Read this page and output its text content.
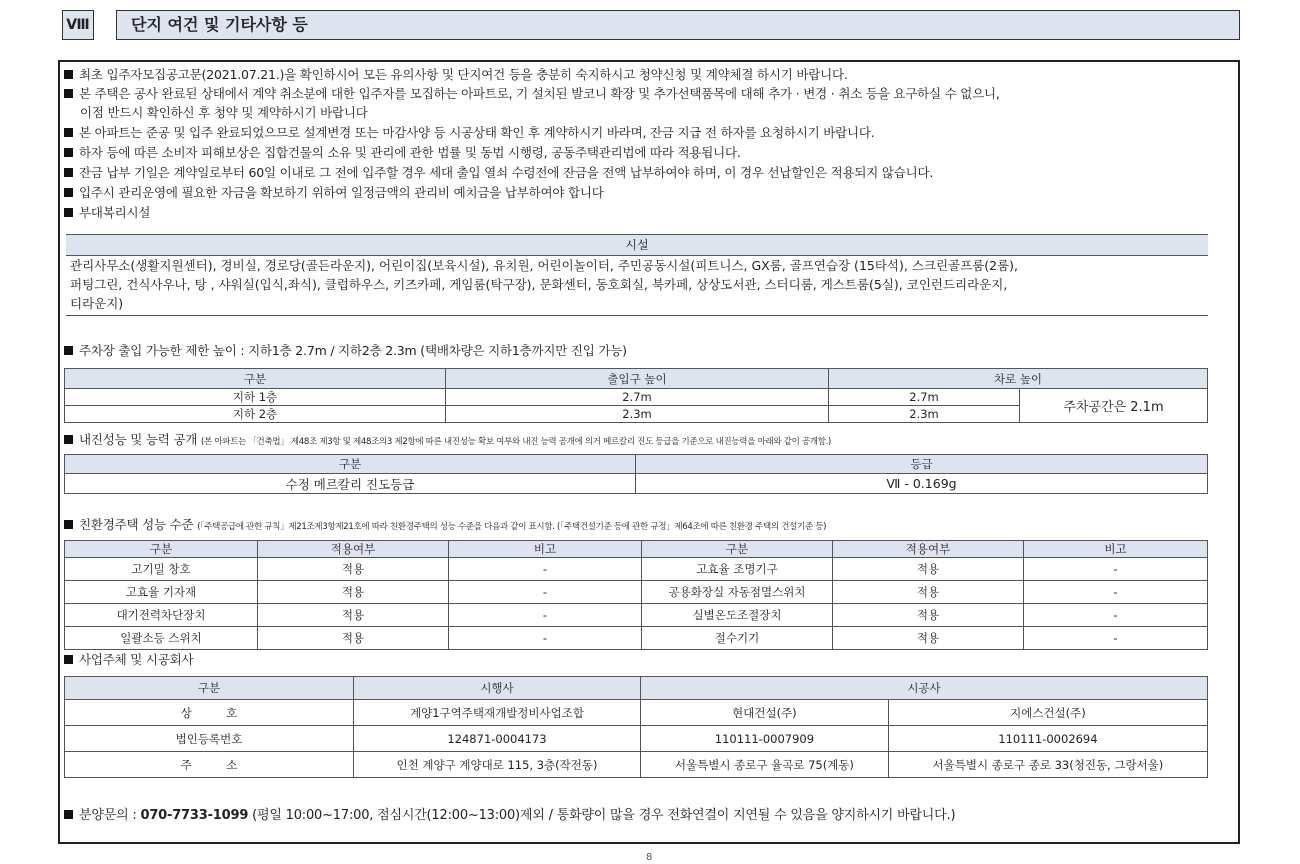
Ⅷ	단지 여건 및 기타사항 등
최초 입주자모집공고문(2021.07.21.)을 확인하시어 모든 유의사항 및 단지여건 등을 충분히 숙지하시고 청약신청 및 계약체결 하시기 바랍니다.
본 주택은 공사 완료된 상태에서 계약 취소분에 대한 입주자를 모집하는 아파트로, 기 설치된 발코니 확장 및 추가선택품목에 대해 추가 · 변경 · 취소 등을 요구하실 수 없으니,
이점 반드시 확인하신 후 청약 및 계약하시기 바랍니다
본 아파트는 준공 및 입주 완료되었으므로 설계변경 또는 마감사양 등 시공상태 확인 후 계약하시기 바라며, 잔금 지급 전 하자를 요청하시기 바랍니다.
하자 등에 따른 소비자 피해보상은 집합건물의 소유 및 관리에 관한 법률 및 동법 시행령, 공동주택관리법에 따라 적용됩니다.
잔금 납부 기일은 계약일로부터 60일 이내로 그 전에 입주할 경우 세대 출입 열쇠 수령전에 잔금을 전액 납부하여야 하며, 이 경우 선납할인은 적용되지 않습니다.
입주시 관리운영에 필요한 자금을 확보하기 위하여 일정금액의 관리비 예치금을 납부하여야 합니다
부대복리시설
시설
관리사무소(생활지원센터), 경비실, 경로당(골든라운지), 어린이집(보육시설), 유치원, 어린이놀이터, 주민공동시설(피트니스, GX룸, 골프연습장 (15타석), 스크린골프룸(2룸),
퍼팅그린, 건식사우나, 탕 , 샤워실(입식,좌식), 클럽하우스, 키즈카페, 게임룸(탁구장), 문화센터, 동호회실, 북카페, 상상도서관, 스터디룸, 게스트룸(5실), 코인런드리라운지,
티라운지)
주차장 출입 가능한 제한 높이 : 지하1층 2.7m / 지하2층 2.3m (택배차량은 지하1층까지만 진입 가능)
구분	출입구 높이	차로 높이	
지하 1층	2.7m	2.7m	주차공간은 2.1m
지하 2층	2.3m	2.3m	
내진성능 및 능력 공개 (본 아파트는 「건축법」 제48조 제3항 및 제48조의3 제2항에 따른 내진성능 확보 여부와 내진 능력 공개에 의거 메르칼리 진도 등급을 기준으로 내진능력을 아래와 같이 공개함.)
구분	등급
수정 메르칼리 진도등급	Ⅶ - 0.169g
친환경주택 성능 수준 (「주택공급에 관한 규칙」제21조제3항제21호에 따라 친환경주택의 성능 수준을 다음과 같이 표시함. (「주택건설기준 등에 관한 규정」제64조에 따른 친환경 주택의 건설기준 등)
구분	적용여부	비고	구분	적용여부	비고
고기밀 창호	적용	-	고효율 조명기구	적용	-
고효율 기자재	적용	-	공용화장실 자동점멸스위치	적용	-
대기전력차단장치	적용	-	실별온도조절장치	적용	-
일괄소등 스위치	적용	-	절수기기	적용	-
사업주체 및 시공회사
구분	시행사	시공사	
상　　　호	계양1구역주택재개발정비사업조합	현대건설(주)	지에스건설(주)
법인등록번호	124871-0004173	110111-0007909	110111-0002694
주　　　소	인천 계양구 계양대로 115, 3층(작전동)	서울특별시 종로구 율곡로 75(계동)	서울특별시 종로구 종로 33(청진동, 그랑서울)
분양문의 : 070-7733-1099 (평일 10:00~17:00, 점심시간(12:00~13:00)제외 / 통화량이 많을 경우 전화연결이 지연될 수 있음을 양지하시기 바랍니다.)
8
